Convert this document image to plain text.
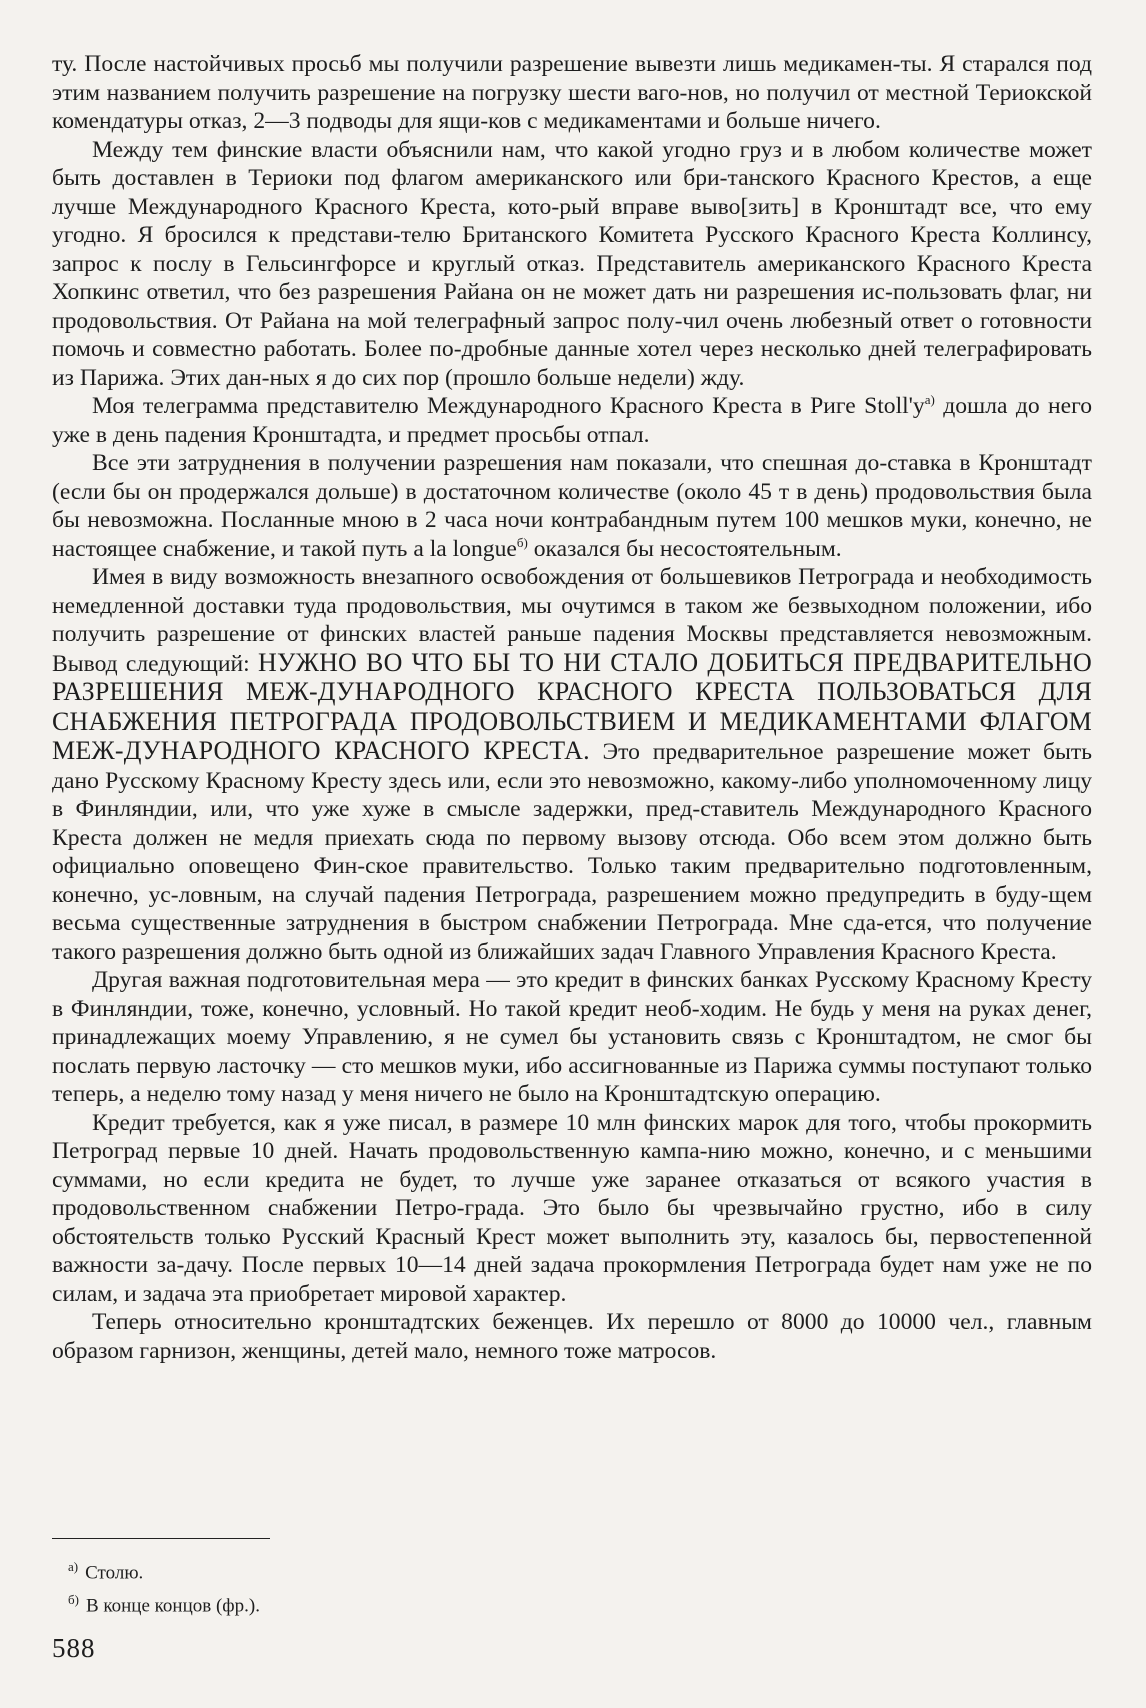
ту. После настойчивых просьб мы получили разрешение вывезти лишь медикамен-ты. Я старался под этим названием получить разрешение на погрузку шести ваго-нов, но получил от местной Териокской комендатуры отказ, 2—3 подводы для ящи-ков с медикаментами и больше ничего.

Между тем финские власти объяснили нам, что какой угодно груз и в любом количестве может быть доставлен в Териоки под флагом американского или бри-танского Красного Крестов, а еще лучше Международного Красного Креста, кото-рый вправе выво[зить] в Кронштадт все, что ему угодно. Я бросился к представи-телю Британского Комитета Русского Красного Креста Коллинсу, запрос к послу в Гельсингфорсе и круглый отказ. Представитель американского Красного Креста Хопкинс ответил, что без разрешения Райана он не может дать ни разрешения ис-пользовать флаг, ни продовольствия. От Райана на мой телеграфный запрос полу-чил очень любезный ответ о готовности помочь и совместно работать. Более по-дробные данные хотел через несколько дней телеграфировать из Парижа. Этих дан-ных я до сих пор (прошло больше недели) жду.

Моя телеграмма представителю Международного Красного Креста в Риге Stoll'у$^{а)}$ дошла до него уже в день падения Кронштадта, и предмет просьбы отпал.

Все эти затруднения в получении разрешения нам показали, что спешная до-ставка в Кронштадт (если бы он продержался дольше) в достаточном количестве (около 45 т в день) продовольствия была бы невозможна. Посланные мною в 2 часа ночи контрабандным путем 100 мешков муки, конечно, не настоящее снабжение, и такой путь a la longue$^{б)}$ оказался бы несостоятельным.

Имея в виду возможность внезапного освобождения от большевиков Петрограда и необходимость немедленной доставки туда продовольствия, мы очутимся в таком же безвыходном положении, ибо получить разрешение от финских властей раньше падения Москвы представляется невозможным. Вывод следующий: НУЖНО ВО ЧТО БЫ ТО НИ СТАЛО ДОБИТЬСЯ ПРЕДВАРИТЕЛЬНО РАЗРЕШЕНИЯ МЕЖ-ДУНАРОДНОГО КРАСНОГО КРЕСТА ПОЛЬЗОВАТЬСЯ ДЛЯ СНАБЖЕНИЯ ПЕТРОГРАДА ПРОДОВОЛЬСТВИЕМ И МЕДИКАМЕНТАМИ ФЛАГОМ МЕЖ-ДУНАРОДНОГО КРАСНОГО КРЕСТА. Это предварительное разрешение может быть дано Русскому Красному Кресту здесь или, если это невозможно, какому-либо уполномоченному лицу в Финляндии, или, что уже хуже в смысле задержки, пред-ставитель Международного Красного Креста должен не медля приехать сюда по первому вызову отсюда. Обо всем этом должно быть официально оповещено Фин-ское правительство. Только таким предварительно подготовленным, конечно, ус-ловным, на случай падения Петрограда, разрешением можно предупредить в буду-щем весьма существенные затруднения в быстром снабжении Петрограда. Мне сда-ется, что получение такого разрешения должно быть одной из ближайших задач Главного Управления Красного Креста.

Другая важная подготовительная мера — это кредит в финских банках Русскому Красному Кресту в Финляндии, тоже, конечно, условный. Но такой кредит необ-ходим. Не будь у меня на руках денег, принадлежащих моему Управлению, я не сумел бы установить связь с Кронштадтом, не смог бы послать первую ласточку — сто мешков муки, ибо ассигнованные из Парижа суммы поступают только теперь, а неделю тому назад у меня ничего не было на Кронштадтскую операцию.

Кредит требуется, как я уже писал, в размере 10 млн финских марок для того, чтобы прокормить Петроград первые 10 дней. Начать продовольственную кампа-нию можно, конечно, и с меньшими суммами, но если кредита не будет, то лучше уже заранее отказаться от всякого участия в продовольственном снабжении Петро-града. Это было бы чрезвычайно грустно, ибо в силу обстоятельств только Русский Красный Крест может выполнить эту, казалось бы, первостепенной важности за-дачу. После первых 10—14 дней задача прокормления Петрограда будет нам уже не по силам, и задача эта приобретает мировой характер.

Теперь относительно кронштадтских беженцев. Их перешло от 8000 до 10000 чел., главным образом гарнизон, женщины, детей мало, немного тоже матросов.

$^{а)}$ Столю.
$^{б)}$ В конце концов (фр.).
588
